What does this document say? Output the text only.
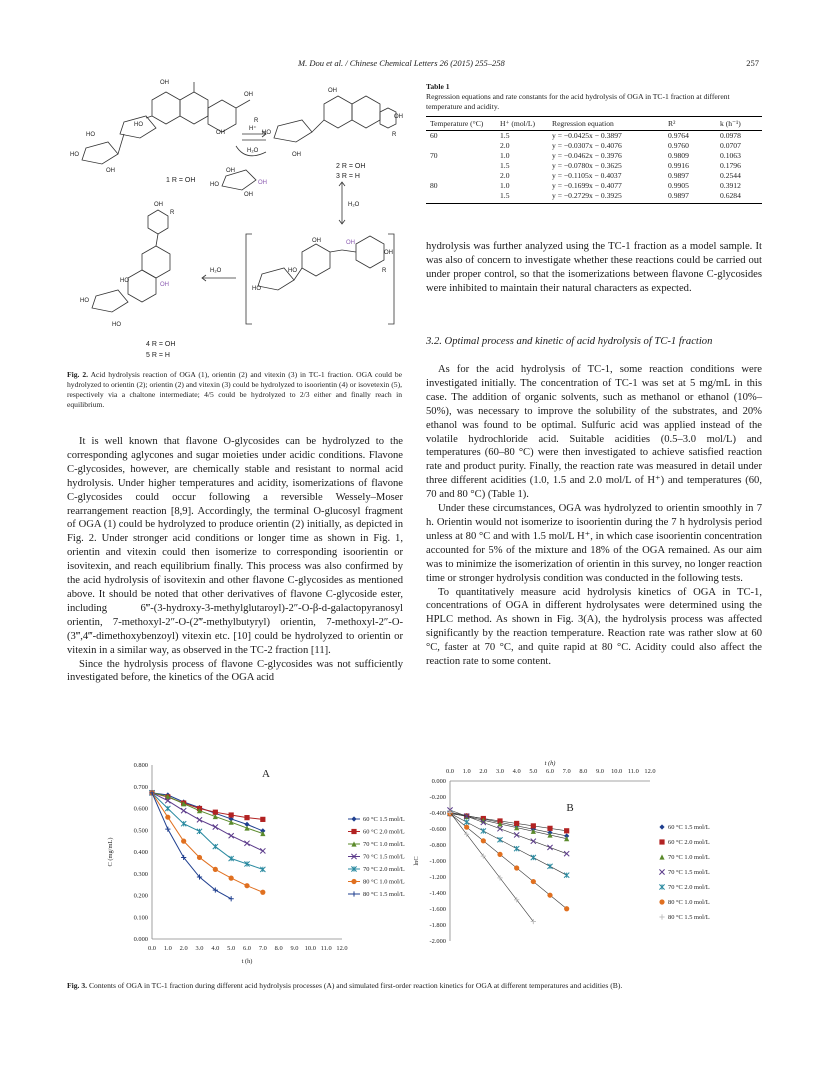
M. Dou et al. / Chinese Chemical Letters 26 (2015) 255–258	257
OH
OH
HO
HO
HO
OH
OH
R
1 R = OH
H⁺
H₂O
OH
OH
R
HO
OH
2 R = OH
3 R = H
OH
HO	OH
OH
H₂O
H₂O
OH	OH
OH
R
HO
HO
OH
R
HO
OH
HO
HO
4 R = OH
5 R = H
Fig. 2. Acid hydrolysis reaction of OGA (1), orientin (2) and vitexin (3) in TC-1 fraction. OGA could be hydrolyzed to orientin (2); orientin (2) and vitexin (3) could be hydrolyzed to isoorientin (4) or isovetexin (5), respectively via a chaltone intermediate; 4/5 could be hydrolyzed to 2/3 either and finally reach in equilibrium.

It is well known that flavone O-glycosides can be hydrolyzed to the corresponding aglycones and sugar moieties under acidic conditions. Flavone C-glycosides, however, are chemically stable and resistant to normal acid hydrolysis. Under higher temperatures and acidity, isomerizations of flavone C-glycosides could occur following a reversible Wessely–Moser rearrangement reaction [8,9]. Accordingly, the terminal O-glucosyl fragment of OGA (1) could be hydrolyzed to produce orientin (2) initially, as depicted in Fig. 2. Under stronger acid conditions or longer time as shown in Fig. 1, orientin and vitexin could then isomerize to corresponding isoorientin or isovitexin, and reach equilibrium finally. This process was also confirmed by the acid hydrolysis of isovitexin and other flavone C-glycosides as mentioned above. It should be noted that other derivatives of flavone C-glycoside ester, including 6‴-(3-hydroxy-3-methylglutaroyl)-2″-O-β-d-galactopyranosyl orientin, 7-methoxyl-2″-O-(2‴-methylbutyryl) orientin, 7-methoxyl-2″-O-(3‴,4‴-dimethoxybenzoyl) vitexin etc. [10] could be hydrolyzed to orientin or vitexin in a similar way, as observed in the TC-2 fraction [11].

Since the hydrolysis process of flavone C-glycosides was not sufficiently investigated before, the kinetics of the OGA acid

Table 1
Regression equations and rate constants for the acid hydrolysis of OGA in TC-1 fraction at different temperature and acidity.
Temperature (°C)	H⁺ (mol/L)	Regression equation	R²	k (h⁻¹)
60	1.5	y = −0.0425x − 0.3897	0.9764	0.0978
	2.0	y = −0.0307x − 0.4076	0.9760	0.0707
70	1.0	y = −0.0462x − 0.3976	0.9809	0.1063
	1.5	y = −0.0780x − 0.3625	0.9916	0.1796
	2.0	y = −0.1105x − 0.4037	0.9897	0.2544
80	1.0	y = −0.1699x − 0.4077	0.9905	0.3912
	1.5	y = −0.2729x − 0.3925	0.9897	0.6284

hydrolysis was further analyzed using the TC-1 fraction as a model sample. It was also of concern to investigate whether these reactions could be carried out under proper control, so that the isomerizations between flavone C-glycosides were inhibited to maintain their natural characters as expected.

3.2. Optimal process and kinetic of acid hydrolysis of TC-1 fraction

As for the acid hydrolysis of TC-1, some reaction conditions were investigated initially. The concentration of TC-1 was set at 5 mg/mL in this case. The addition of organic solvents, such as methanol or ethanol (10%–50%), was necessary to improve the solubility of the substrates, and 20% ethanol was found to be optimal. Sulfuric acid was applied instead of the volatile hydrochloride acid. Suitable acidities (0.5–3.0 mol/L) and temperatures (60–80 °C) were then investigated to achieve satisfied reaction rate and product purity. Finally, the reaction rate was measured in detail under three different acidities (1.0, 1.5 and 2.0 mol/L of H⁺) and temperatures (60, 70 and 80 °C) (Table 1).

Under these circumstances, OGA was hydrolyzed to orientin smoothly in 7 h. Orientin would not isomerize to isoorientin during the 7 h hydrolysis period unless at 80 °C and with 1.5 mol/L H⁺, in which case isoorientin concentration accounted for 5% of the mixture and 18% of the OGA remained. As our aim was to minimize the isomerization of orientin in this survey, no longer reaction time or stronger hydrolysis condition was conducted in the following tests.

To quantitatively measure acid hydrolysis kinetics of OGA in TC-1, concentrations of OGA in different hydrolysates were determined using the HPLC method. As shown in Fig. 3(A), the hydrolysis process was affected significantly by the reaction temperature. Reaction rate was rather slow at 60 °C, faster at 70 °C, and quite rapid at 80 °C. Acidity could also affect the reaction rate to some content.

0.000
0.100
0.200
0.300
0.400
0.500
0.600
0.700
0.800
0.0 1.0 2.0 3.0 4.0 5.0 6.0 7.0 8.0 9.0 10.0 11.0 12.0
t (h)
C (mg/mL)
A
60 °C 1.5 mol/L
60 °C 2.0 mol/L
70 °C 1.0 mol/L
70 °C 1.5 mol/L
70 °C 2.0 mol/L
80 °C 1.0 mol/L
80 °C 1.5 mol/L
0.000
-0.200
-0.400
-0.600
-0.800
-1.000
-1.200
-1.400
-1.600
-1.800
-2.000
0.0 1.0 2.0 3.0 4.0 5.0 6.0 7.0 8.0 9.0 10.0 11.0 12.0
t (h)
lnC
B
60 °C 1.5 mol/L
60 °C 2.0 mol/L
70 °C 1.0 mol/L
70 °C 1.5 mol/L
70 °C 2.0 mol/L
80 °C 1.0 mol/L
80 °C 1.5 mol/L
Fig. 3. Contents of OGA in TC-1 fraction during different acid hydrolysis processes (A) and simulated first-order reaction kinetics for OGA at different temperatures and acidities (B).
